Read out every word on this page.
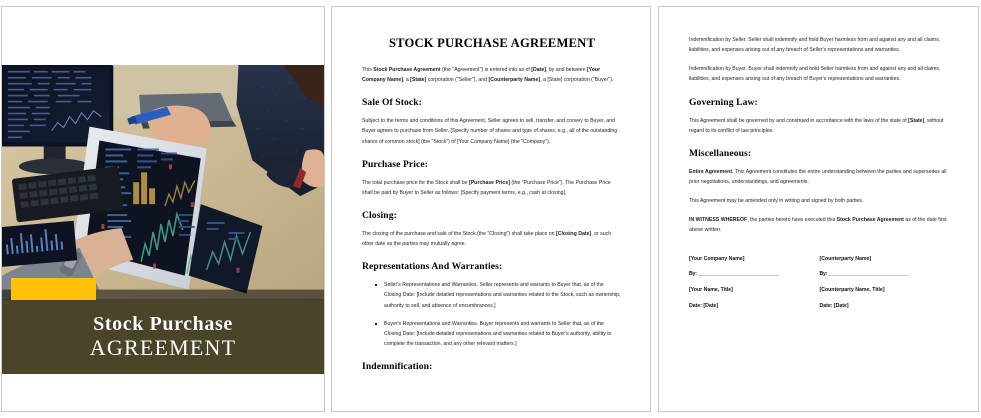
Stock Purchase
AGREEMENT
STOCK PURCHASE AGREEMENT

This Stock Purchase Agreement (the "Agreement") is entered into as of [Date], by and between [Your Company Name], a [State] corporation ("Seller"), and [Counterparty Name], a [State] corporation ("Buyer").

Sale Of Stock:

Subject to the terms and conditions of this Agreement, Seller agrees to sell, transfer, and convey to Buyer, and Buyer agrees to purchase from Seller, [Specify number of shares and type of shares, e.g., all of the outstanding shares of common stock] (the "Stock") of [Your Company Name] (the "Company").

Purchase Price:

The total purchase price for the Stock shall be [Purchase Price] (the "Purchase Price"). The Purchase Price shall be paid by Buyer to Seller as follows: [Specify payment terms, e.g., cash at closing].

Closing:

The closing of the purchase and sale of the Stock (the "Closing") shall take place on [Closing Date], or such other date as the parties may mutually agree.

Representations And Warranties:
Seller's Representations and Warranties. Seller represents and warrants to Buyer that, as of the Closing Date: [Include detailed representations and warranties related to the Stock, such as ownership, authority to sell, and absence of encumbrances.]
Buyer's Representations and Warranties. Buyer represents and warrants to Seller that, as of the Closing Date: [Include detailed representations and warranties related to Buyer's authority, ability to complete the transaction, and any other relevant matters.]
Indemnification:

Indemnification by Seller. Seller shall indemnify and hold Buyer harmless from and against any and all claims, liabilities, and expenses arising out of any breach of Seller's representations and warranties.

Indemnification by Buyer. Buyer shall indemnify and hold Seller harmless from and against any and all claims, liabilities, and expenses arising out of any breach of Buyer's representations and warranties.

Governing Law:

This Agreement shall be governed by and construed in accordance with the laws of the state of [State], without regard to its conflict of law principles.

Miscellaneous:

Entire Agreement. This Agreement constitutes the entire understanding between the parties and supersedes all prior negotiations, understandings, and agreements.

This Agreement may be amended only in writing and signed by both parties.

IN WITNESS WHEREOF, the parties hereto have executed this Stock Purchase Agreement as of the date first above written.

[Your Company Name]
By: ______________________________
[Your Name, Title]
Date: [Date]
[Counterparty Name]
By: ______________________________
[Counterparty Name, Title]
Date: [Date]
